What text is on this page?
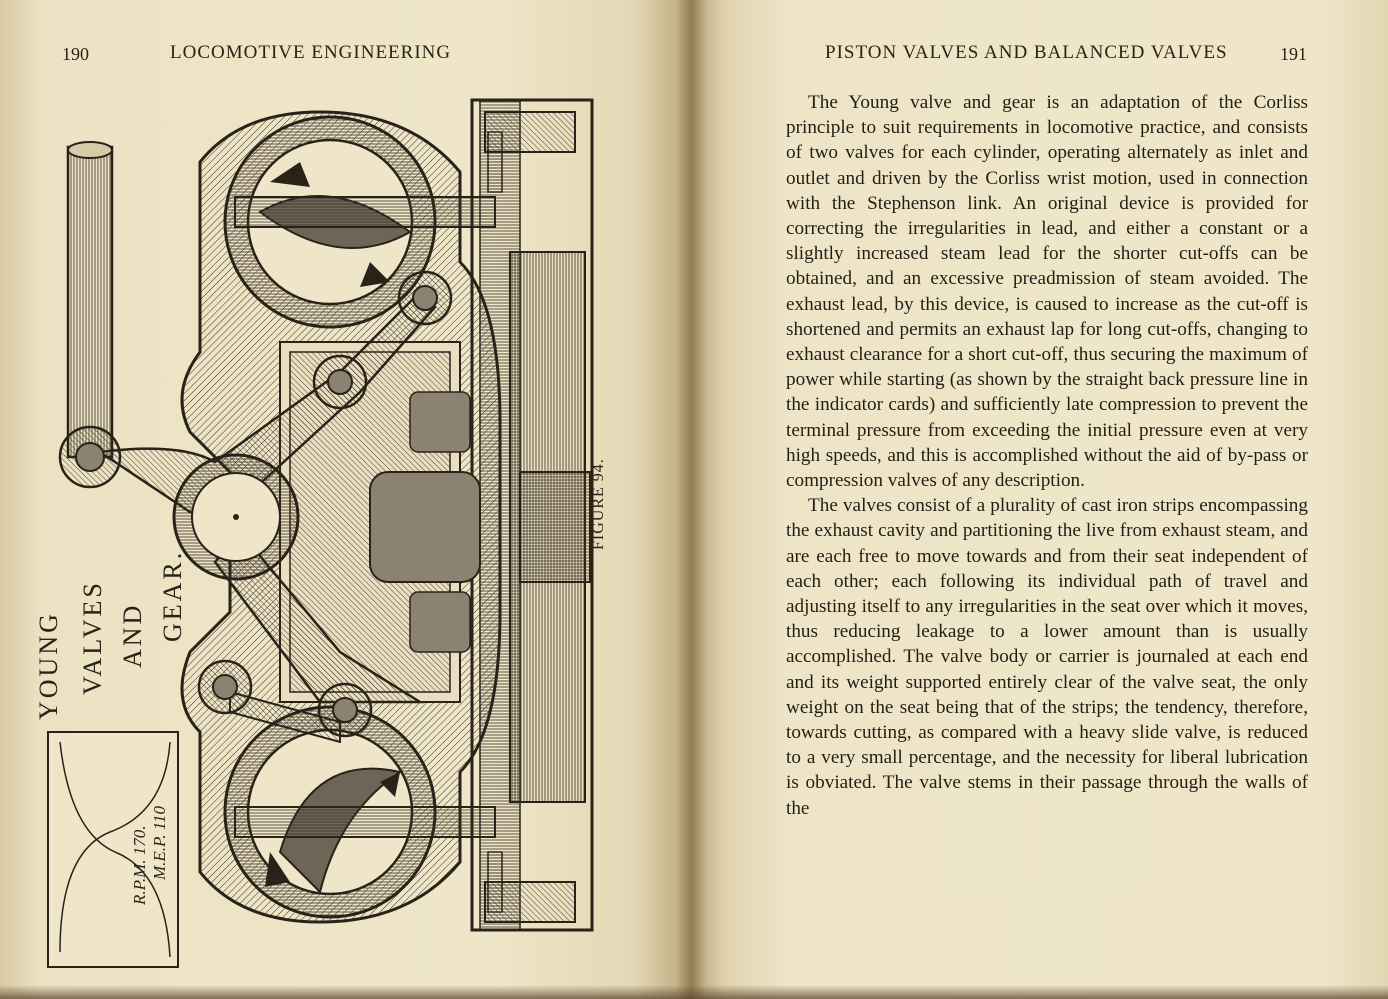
190	LOCOMOTIVE ENGINEERING
YOUNG VALVES AND GEAR.
FIGURE 94.
R.P.M. 170. M.E.P. 110
PISTON VALVES AND BALANCED VALVES	191

The Young valve and gear is an adaptation of the Corliss principle to suit requirements in locomotive practice, and consists of two valves for each cylinder, operating alternately as inlet and outlet and driven by the Corliss wrist motion, used in connection with the Stephenson link. An original device is provided for correcting the irregularities in lead, and either a constant or a slightly increased steam lead for the shorter cut-offs can be obtained, and an excessive preadmission of steam avoided. The exhaust lead, by this device, is caused to increase as the cut-off is shortened and permits an exhaust lap for long cut-offs, changing to exhaust clearance for a short cut-off, thus securing the maximum of power while starting (as shown by the straight back pressure line in the indicator cards) and sufficiently late compression to prevent the terminal pressure from exceeding the initial pressure even at very high speeds, and this is accomplished without the aid of by-pass or compression valves of any description.

The valves consist of a plurality of cast iron strips encompassing the exhaust cavity and partitioning the live from exhaust steam, and are each free to move towards and from their seat independent of each other; each following its individual path of travel and adjusting itself to any irregularities in the seat over which it moves, thus reducing leakage to a lower amount than is usually accomplished. The valve body or carrier is journaled at each end and its weight supported entirely clear of the valve seat, the only weight on the seat being that of the strips; the tendency, therefore, towards cutting, as compared with a heavy slide valve, is reduced to a very small percentage, and the necessity for liberal lubrication is obviated. The valve stems in their passage through the walls of the
